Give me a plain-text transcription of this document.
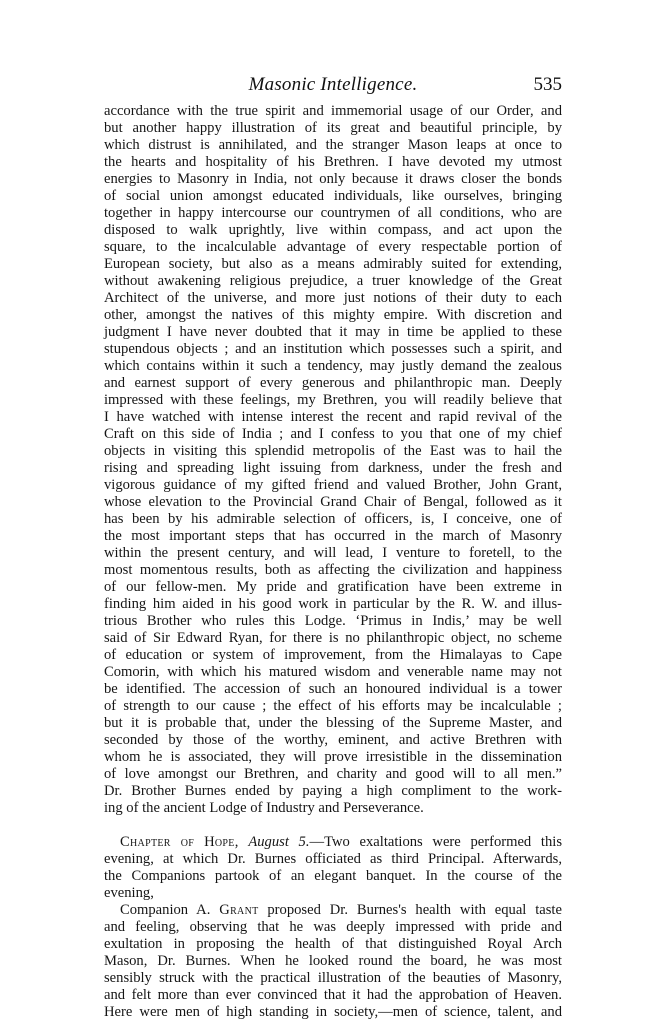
Masonic Intelligence.	535
accordance with the true spirit and immemorial usage of our Order, and
but another happy illustration of its great and beautiful principle, by
which distrust is annihilated, and the stranger Mason leaps at once to
the hearts and hospitality of his Brethren. I have devoted my utmost
energies to Masonry in India, not only because it draws closer the bonds
of social union amongst educated individuals, like ourselves, bringing
together in happy intercourse our countrymen of all conditions, who are
disposed to walk uprightly, live within compass, and act upon the
square, to the incalculable advantage of every respectable portion of
European society, but also as a means admirably suited for extending,
without awakening religious prejudice, a truer knowledge of the Great
Architect of the universe, and more just notions of their duty to each
other, amongst the natives of this mighty empire. With discretion and
judgment I have never doubted that it may in time be applied to these
stupendous objects ; and an institution which possesses such a spirit, and
which contains within it such a tendency, may justly demand the zealous
and earnest support of every generous and philanthropic man. Deeply
impressed with these feelings, my Brethren, you will readily believe that
I have watched with intense interest the recent and rapid revival of the
Craft on this side of India ; and I confess to you that one of my chief
objects in visiting this splendid metropolis of the East was to hail the
rising and spreading light issuing from darkness, under the fresh and
vigorous guidance of my gifted friend and valued Brother, John Grant,
whose elevation to the Provincial Grand Chair of Bengal, followed as it
has been by his admirable selection of officers, is, I conceive, one of
the most important steps that has occurred in the march of Masonry
within the present century, and will lead, I venture to foretell, to the
most momentous results, both as affecting the civilization and happiness
of our fellow-men. My pride and gratification have been extreme in
finding him aided in his good work in particular by the R. W. and illus-
trious Brother who rules this Lodge. ‘Primus in Indis,’ may be well
said of Sir Edward Ryan, for there is no philanthropic object, no scheme
of education or system of improvement, from the Himalayas to Cape
Comorin, with which his matured wisdom and venerable name may not
be identified. The accession of such an honoured individual is a tower
of strength to our cause ; the effect of his efforts may be incalculable ;
but it is probable that, under the blessing of the Supreme Master, and
seconded by those of the worthy, eminent, and active Brethren with
whom he is associated, they will prove irresistible in the dissemination
of love amongst our Brethren, and charity and good will to all men.”
Dr. Brother Burnes ended by paying a high compliment to the work-
ing of the ancient Lodge of Industry and Perseverance.
Chapter of Hope, August 5.—Two exaltations were performed this
evening, at which Dr. Burnes officiated as third Principal. Afterwards,
the Companions partook of an elegant banquet. In the course of the
evening,
Companion A. Grant proposed Dr. Burnes's health with equal taste
and feeling, observing that he was deeply impressed with pride and
exultation in proposing the health of that distinguished Royal Arch
Mason, Dr. Burnes. When he looked round the board, he was most
sensibly struck with the practical illustration of the beauties of Masonry,
and felt more than ever convinced that it had the approbation of Heaven.
Here were men of high standing in society,—men of science, talent, and
